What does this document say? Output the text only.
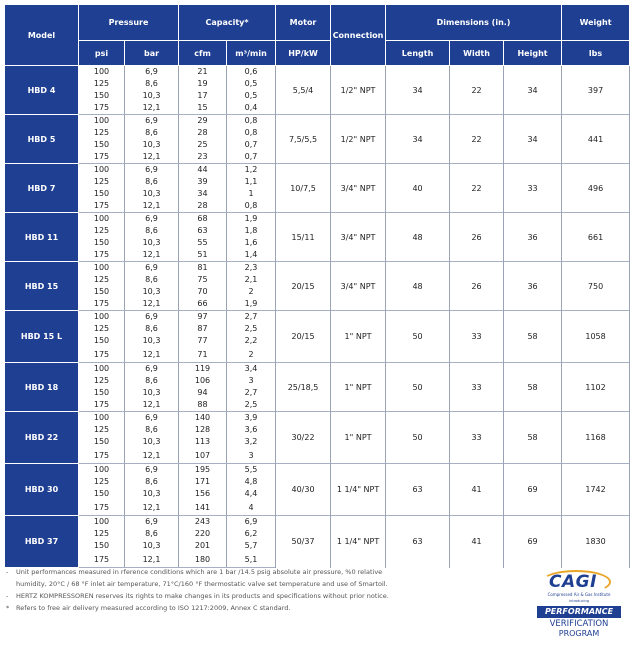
Model	Pressure		Capacity*		Motor	Connection	Dimensions (in.)			Weight
	psi	bar	cfm	m³/min	HP/kW		Length	Width	Height	lbs
HBD 4	100	6,9	21	0,6	5,5/4	1/2" NPT	34	22	34	397
	125	8,6	19	0,5						
	150	10,3	17	0,5						
	175	12,1	15	0,4						
HBD 5	100	6,9	29	0,8	7,5/5,5	1/2" NPT	34	22	34	441
	125	8,6	28	0,8						
	150	10,3	25	0,7						
	175	12,1	23	0,7						
HBD 7	100	6,9	44	1,2	10/7,5	3/4" NPT	40	22	33	496
	125	8,6	39	1,1						
	150	10,3	34	1						
	175	12,1	28	0,8						
HBD 11	100	6,9	68	1,9	15/11	3/4" NPT	48	26	36	661
	125	8,6	63	1,8						
	150	10,3	55	1,6						
	175	12,1	51	1,4						
HBD 15	100	6,9	81	2,3	20/15	3/4" NPT	48	26	36	750
	125	8,6	75	2,1						
	150	10,3	70	2						
	175	12,1	66	1,9						
HBD 15 L	100	6,9	97	2,7	20/15	1" NPT	50	33	58	1058
	125	8,6	87	2,5						
	150	10,3	77	2,2						
	175	12,1	71	2						
HBD 18	100	6,9	119	3,4	25/18,5	1" NPT	50	33	58	1102
	125	8,6	106	3						
	150	10,3	94	2,7						
	175	12,1	88	2,5						
HBD 22	100	6,9	140	3,9	30/22	1" NPT	50	33	58	1168
	125	8,6	128	3,6						
	150	10,3	113	3,2						
	175	12,1	107	3						
HBD 30	100	6,9	195	5,5	40/30	1 1/4" NPT	63	41	69	1742
	125	8,6	171	4,8						
	150	10,3	156	4,4						
	175	12,1	141	4						
HBD 37	100	6,9	243	6,9	50/37	1 1/4" NPT	63	41	69	1830
	125	8,6	220	6,2						
	150	10,3	201	5,7						
	175	12,1	180	5,1						
- Unit performances measured in rference conditions which are 1 bar /14.5 psig absolute air pressure, %0 relative humidity, 20°C / 68 °F inlet air temperature, 71°C/160 °F thermostatic valve set temperature and use of Smartoil.
- HERTZ KOMPRESSOREN reserves its rights to make changes in its products and specifications without prior notice.
* Refers to free air delivery measured according to ISO 1217:2009, Annex C standard.
CAGI
Compressed Air & Gas Institute
introducing
PERFORMANCE
VERIFICATION
PROGRAM
